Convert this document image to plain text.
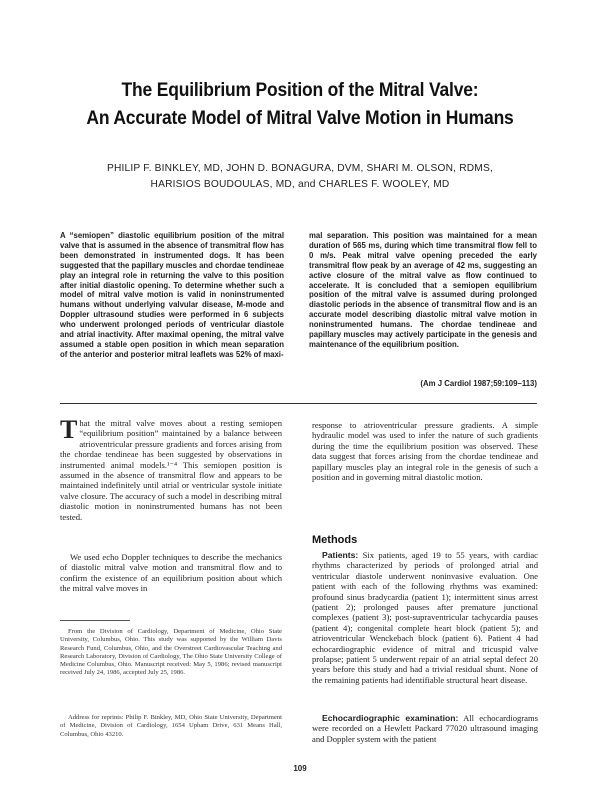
The Equilibrium Position of the Mitral Valve:
An Accurate Model of Mitral Valve Motion in Humans
PHILIP F. BINKLEY, MD, JOHN D. BONAGURA, DVM, SHARI M. OLSON, RDMS,
HARISIOS BOUDOULAS, MD, and CHARLES F. WOOLEY, MD
A “semiopen” diastolic equilibrium position of the mitral valve that is assumed in the absence of transmitral flow has been demonstrated in instrumented dogs. It has been suggested that the papillary muscles and chordae tendineae play an integral role in returning the valve to this position after initial diastolic opening. To determine whether such a model of mitral valve motion is valid in noninstrumented humans without underlying valvular disease, M-mode and Doppler ultrasound studies were performed in 6 subjects who underwent prolonged periods of ventricular diastole and atrial inactivity. After maximal opening, the mitral valve assumed a stable open position in which mean separation of the anterior and posterior mitral leaflets was 52% of maxi-
mal separation. This position was maintained for a mean duration of 565 ms, during which time transmitral flow fell to 0 m/s. Peak mitral valve opening preceded the early transmitral flow peak by an average of 42 ms, suggesting an active closure of the mitral valve as flow continued to accelerate. It is concluded that a semiopen equilibrium position of the mitral valve is assumed during prolonged diastolic periods in the absence of transmitral flow and is an accurate model describing diastolic mitral valve motion in noninstrumented humans. The chordae tendineae and papillary muscles may actively participate in the genesis and maintenance of the equilibrium position.
(Am J Cardiol 1987;59:109–113)
That the mitral valve moves about a resting semiopen “equilibrium position” maintained by a balance between atrioventricular pressure gradients and forces arising from the chordae tendineae has been suggested by observations in instrumented animal models.¹⁻⁴ This semiopen position is assumed in the absence of transmitral flow and appears to be maintained indefinitely until atrial or ventricular systole initiate valve closure. The accuracy of such a model in describing mitral diastolic motion in noninstrumented humans has not been tested.
We used echo Doppler techniques to describe the mechanics of diastolic mitral valve motion and transmitral flow and to confirm the existence of an equilibrium position about which the mitral valve moves in
From the Division of Cardiology, Department of Medicine, Ohio State University, Columbus, Ohio. This study was supported by the William Davis Research Fund, Columbus, Ohio, and the Overstreet Cardiovascular Teaching and Research Laboratory, Division of Cardiology, The Ohio State University College of Medicine Columbus, Ohio. Manuscript received: May 5, 1986; revised manuscript received July 24, 1986, accepted July 25, 1986.
Address for reprints: Philip F. Binkley, MD, Ohio State University, Department of Medicine, Division of Cardiology, 1654 Upham Drive, 631 Means Hall, Columbus, Ohio 43210.
response to atrioventricular pressure gradients. A simple hydraulic model was used to infer the nature of such gradients during the time the equilibrium position was observed. These data suggest that forces arising from the chordae tendineae and papillary muscles play an integral role in the genesis of such a position and in governing mitral diastolic motion.
Methods
Patients: Six patients, aged 19 to 55 years, with cardiac rhythms characterized by periods of prolonged atrial and ventricular diastole underwent noninvasive evaluation. One patient with each of the following rhythms was examined: profound sinus bradycardia (patient 1); intermittent sinus arrest (patient 2); prolonged pauses after premature junctional complexes (patient 3); post-supraventricular tachycardia pauses (patient 4); congenital complete heart block (patient 5); and atrioventricular Wenckebach block (patient 6). Patient 4 had echocardiographic evidence of mitral and tricuspid valve prolapse; patient 5 underwent repair of an atrial septal defect 20 years before this study and had a trivial residual shunt. None of the remaining patients had identifiable structural heart disease.
Echocardiographic examination: All echocardiograms were recorded on a Hewlett Packard 77020 ultrasound imaging and Doppler system with the patient
109
